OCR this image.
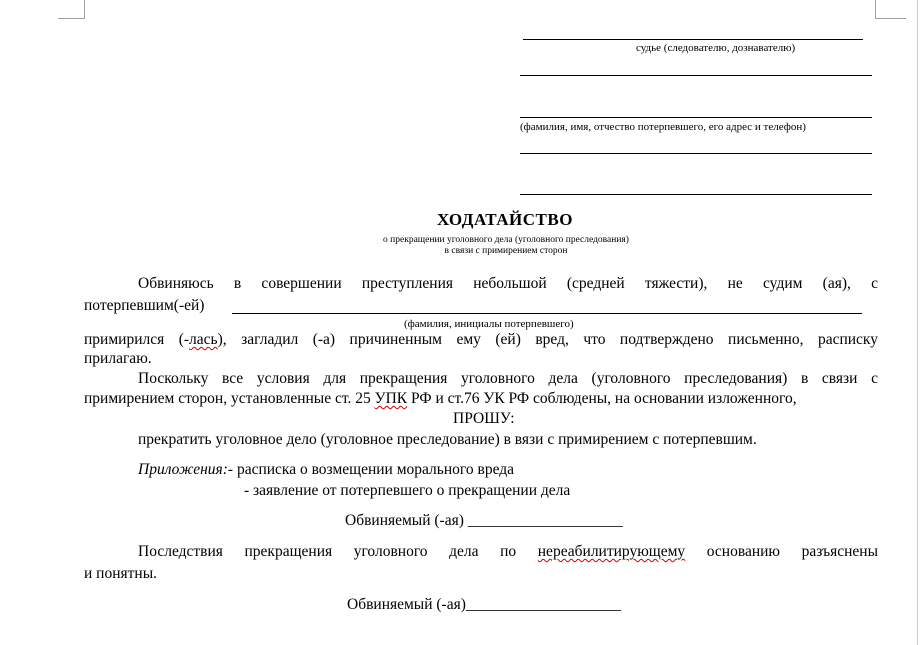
судье (следователю, дознавателю)
(фамилия, имя, отчество потерпевшего, его адрес и телефон)
ХОДАТАЙСТВО
о прекращении уголовного дела (уголовного преследования)
в связи с примирением сторон
Обвиняюсь в совершении преступления небольшой (средней тяжести), не судим (ая), с
потерпевшим(-ей)
(фамилия, инициалы потерпевшего)
примирился (-лась), загладил (-а) причиненным ему (ей) вред, что подтверждено письменно, расписку
прилагаю.
Поскольку все условия для прекращения уголовного дела (уголовного преследования) в связи с
примирением сторон, установленные ст. 25 УПК РФ и ст.76 УК РФ соблюдены, на основании изложенного,
ПРОШУ:
прекратить уголовное дело (уголовное преследование) в вязи с примирением с потерпевшим.
Приложения:- расписка о возмещении морального вреда
- заявление от потерпевшего о прекращении дела
Обвиняемый (-ая) ____________________
Последствия прекращения уголовного дела по нереабилитирующему основанию разъяснены
и понятны.
Обвиняемый (-ая)____________________
